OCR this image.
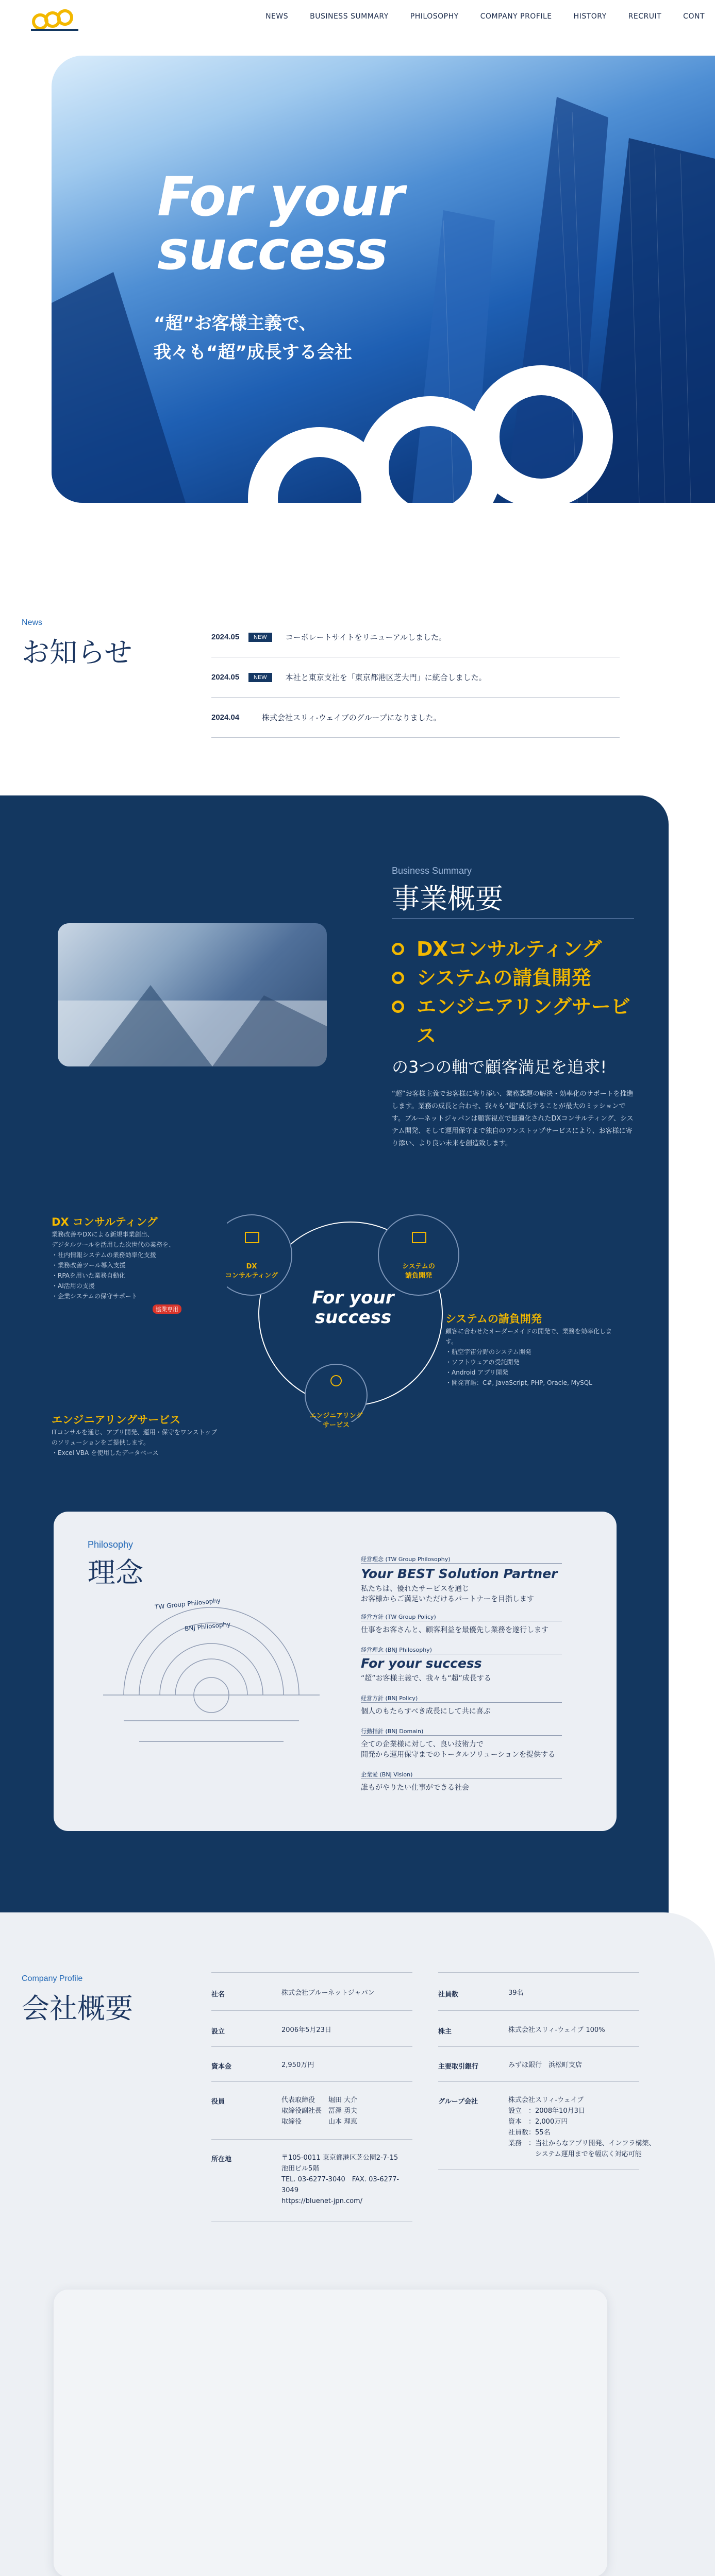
NEWS	BUSINESS SUMMARY	PHILOSOPHY	COMPANY PROFILE	HISTORY	RECRUIT	CONT
For your success
“超”お客様主義で、
我々も“超”成長する会社
News
お知らせ	2024.05	NEW	コーポレートサイトをリニューアルしました。
2024.05	NEW	本社と東京支社を「東京都港区芝大門」に統合しました。
2024.04	株式会社スリィ-ウェイブのグループになりました。
Business Summary
事業概要
DXコンサルティング
システムの請負開発
エンジニアリングサービス
の3つの軸で顧客満足を追求!
“超”お客様主義でお客様に寄り添い、業務課題の解決・効率化のサポートを推進します。業務の成長と合わせ、我々も“超”成長することが最大のミッションです。ブルーネットジャパンは顧客視点で最適化されたDXコンサルティング、システム開発、そして運用保守まで独自のワンストップサービスにより、お客様に寄り添い、より良い未来を創造致します。
For your success
DX
コンサルティング
システムの
請負開発
エンジニアリング
サービス
DX コンサルティング
業務改善やDXによる新規事業創出、
デジタルツールを活用した次世代の業務を、
・社内情報システムの業務効率化支援
・業務改善ツール導入支援
・RPAを用いた業務自動化
・AI活用の支援
・企業システムの保守サポート
協業専用
システムの請負開発
顧客に合わせたオーダーメイドの開発で、業務を効率化します。
・航空宇宙分野のシステム開発
・ソフトウェアの受託開発
・Android アプリ開発
・開発言語：C#, JavaScript, PHP, Oracle, MySQL
エンジニアリングサービス
ITコンサルを通じ、アプリ開発、運用・保守をワンストップのソリューションをご提供します。
・Excel VBA を使用したデータベース
Philosophy
理念
TW Group Philosophy
BNJ Philosophy
経営理念 (TW Group Philosophy)
Your BEST Solution Partner
私たちは、優れたサービスを通じ
お客様からご満足いただけるパートナーを目指します
経営方針 (TW Group Policy)
仕事をお客さんと、顧客利益を最優先し業務を遂行します
経営理念 (BNJ Philosophy)
For your success
“超”お客様主義で、我々も“超”成長する
経営方針 (BNJ Policy)
個人のもたらすべき成長にして共に喜ぶ
行動指針 (BNJ Domain)
全ての企業様に対して、良い技術力で
開発から運用保守までのトータルソリューションを提供する
企業愛 (BNJ Vision)
誰もがやりたい仕事ができる社会
Company Profile
会社概要	社名	株式会社ブルーネットジャパン
設立	2006年5月23日
資本金	2,950万円
役員	代表取締役　　堀田 大介
取締役副社長　冨澤 勇夫
取締役　　　　山本 理恵
所在地	〒105-0011 東京都港区芝公園2-7-15
池田ビル5階
TEL. 03-6277-3040　FAX. 03-6277-
3049
https://bluenet-jpn.com/
社員数	39名
株主	株式会社スリィ-ウェイブ 100%
主要取引銀行	みずほ銀行　浜松町支店
グループ会社	株式会社スリィ-ウェイブ
設立　：2008年10月3日
資本　：2,000万円
社員数：55名
業務　：当社からなアプリ開発、インフラ構築、
　　　　システム運用までを幅広く対応可能
